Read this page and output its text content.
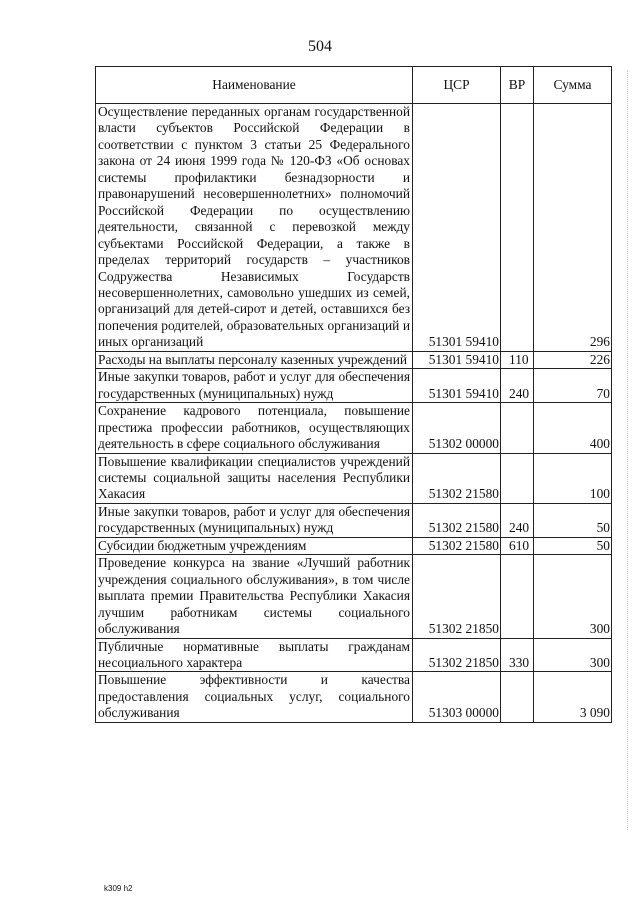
504
Наименование	ЦСР	ВР	Сумма
Осуществление переданных органам государственной власти субъектов Российской Федерации в соответствии с пунктом 3 статьи 25 Федерального закона от 24 июня 1999 года № 120-ФЗ «Об основах системы профилактики безнадзорности и правонарушений несовершеннолетних» полномочий Российской Федерации по осуществлению деятельности, связанной с перевозкой между субъектами Российской Федерации, а также в пределах территорий государств – участников Содружества Независимых Государств несовершеннолетних, самовольно ушедших из семей, организаций для детей-сирот и детей, оставшихся без попечения родителей, образовательных организаций и иных организаций	51301 59410		296
Расходы на выплаты персоналу казенных учреждений	51301 59410	110	226
Иные закупки товаров, работ и услуг для обеспечения государственных (муниципальных) нужд	51301 59410	240	70
Сохранение кадрового потенциала, повышение престижа профессии работников, осуществляющих деятельность в сфере социального обслуживания	51302 00000		400
Повышение квалификации специалистов учреждений системы социальной защиты населения Республики Хакасия	51302 21580		100
Иные закупки товаров, работ и услуг для обеспечения государственных (муниципальных) нужд	51302 21580	240	50
Субсидии бюджетным учреждениям	51302 21580	610	50
Проведение конкурса на звание «Лучший работник учреждения социального обслуживания», в том числе выплата премии Правительства Республики Хакасия лучшим работникам системы социального обслуживания	51302 21850		300
Публичные нормативные выплаты гражданам несоциального характера	51302 21850	330	300
Повышение эффективности и качества предоставления социальных услуг, социального обслуживания	51303 00000		3 090
k309 h2
